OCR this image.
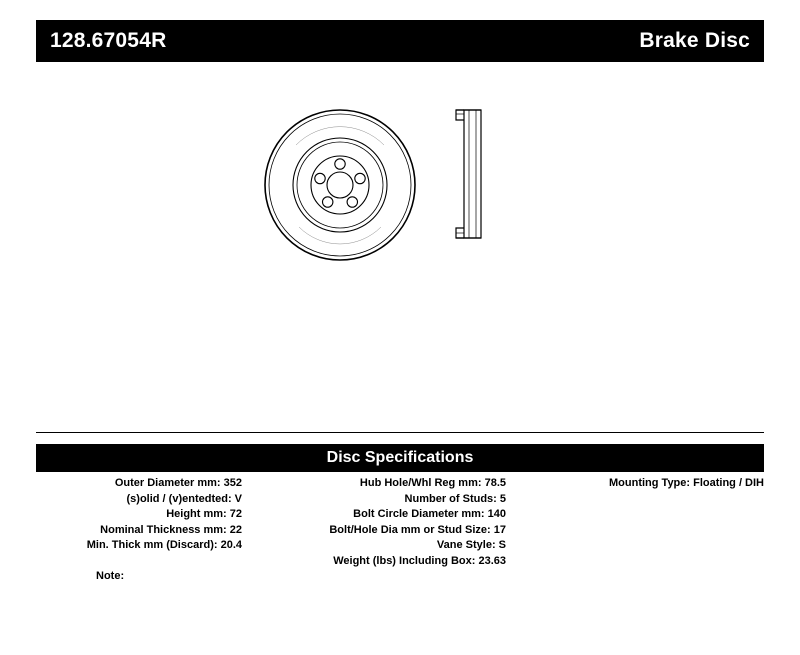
128.67054R	Brake Disc
Disc Specifications
Outer Diameter mm: 352
(s)olid / (v)entedted: V
Height mm: 72
Nominal Thickness mm: 22
Min. Thick mm (Discard): 20.4
Hub Hole/Whl Reg mm: 78.5
Number of Studs: 5
Bolt Circle Diameter mm: 140
Bolt/Hole Dia mm or Stud Size: 17
Vane Style: S
Weight (lbs) Including Box: 23.63
Mounting Type: Floating / DIH
Note:
